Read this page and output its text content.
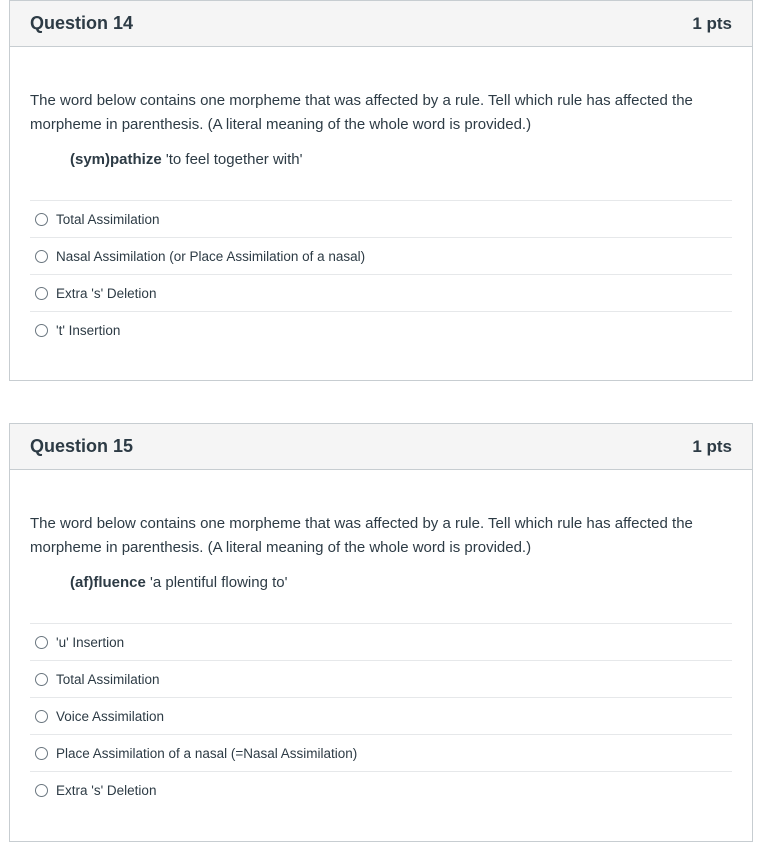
Question 14	1 pts

The word below contains one morpheme that was affected by a rule. Tell which rule has affected the morpheme in parenthesis. (A literal meaning of the whole word is provided.)

(sym)pathize 'to feel together with'

Total Assimilation
Nasal Assimilation (or Place Assimilation of a nasal)
Extra 's' Deletion
't' Insertion
Question 15	1 pts

The word below contains one morpheme that was affected by a rule. Tell which rule has affected the morpheme in parenthesis. (A literal meaning of the whole word is provided.)

(af)fluence 'a plentiful flowing to'

'u' Insertion
Total Assimilation
Voice Assimilation
Place Assimilation of a nasal (=Nasal Assimilation)
Extra 's' Deletion
